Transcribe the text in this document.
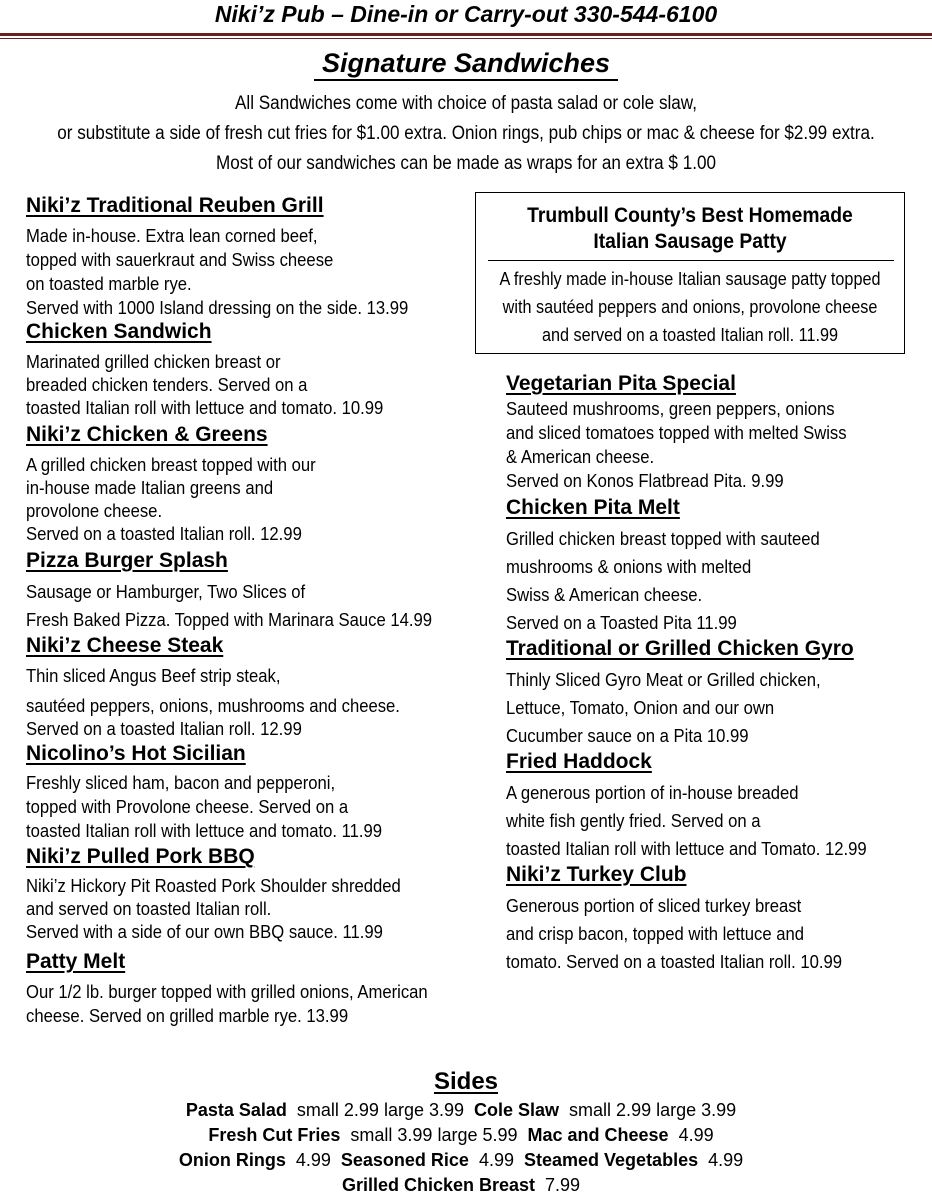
Niki’z Pub – Dine-in or Carry-out 330-544-6100
Signature Sandwiches
All Sandwiches come with choice of pasta salad or cole slaw,
or substitute a side of fresh cut fries for $1.00 extra. Onion rings, pub chips or mac & cheese for $2.99 extra.
Most of our sandwiches can be made as wraps for an extra $ 1.00
Niki’z Traditional Reuben Grill
Made in-house. Extra lean corned beef,
topped with sauerkraut and Swiss cheese
on toasted marble rye.
Served with 1000 Island dressing on the side. 13.99
Chicken Sandwich
Marinated grilled chicken breast or
breaded chicken tenders. Served on a
toasted Italian roll with lettuce and tomato. 10.99
Niki’z Chicken & Greens
A grilled chicken breast topped with our
in-house made Italian greens and
provolone cheese.
Served on a toasted Italian roll. 12.99
Pizza Burger Splash
Sausage or Hamburger, Two Slices of
Fresh Baked Pizza. Topped with Marinara Sauce 14.99
Niki’z Cheese Steak
Thin sliced Angus Beef strip steak,
sautéed peppers, onions, mushrooms and cheese.
Served on a toasted Italian roll. 12.99
Nicolino’s Hot Sicilian
Freshly sliced ham, bacon and pepperoni,
topped with Provolone cheese. Served on a
toasted Italian roll with lettuce and tomato. 11.99
Niki’z Pulled Pork BBQ
Niki’z Hickory Pit Roasted Pork Shoulder shredded
and served on toasted Italian roll.
Served with a side of our own BBQ sauce. 11.99
Patty Melt
Our 1/2 lb. burger topped with grilled onions, American
cheese. Served on grilled marble rye. 13.99
Trumbull County’s Best Homemade
Italian Sausage Patty
A freshly made in-house Italian sausage patty topped
with sautéed peppers and onions, provolone cheese
and served on a toasted Italian roll. 11.99
Vegetarian Pita Special
Sauteed mushrooms, green peppers, onions
and sliced tomatoes topped with melted Swiss
& American cheese.
Served on Konos Flatbread Pita. 9.99
Chicken Pita Melt
Grilled chicken breast topped with sauteed
mushrooms & onions with melted
Swiss & American cheese.
Served on a Toasted Pita 11.99
Traditional or Grilled Chicken Gyro
Thinly Sliced Gyro Meat or Grilled chicken,
Lettuce, Tomato, Onion and our own
Cucumber sauce on a Pita 10.99
Fried Haddock
A generous portion of in-house breaded
white fish gently fried. Served on a
toasted Italian roll with lettuce and Tomato. 12.99
Niki’z Turkey Club
Generous portion of sliced turkey breast
and crisp bacon, topped with lettuce and
tomato. Served on a toasted Italian roll. 10.99
Sides
Pasta Salad small 2.99 large 3.99 Cole Slaw small 2.99 large 3.99
Fresh Cut Fries small 3.99 large 5.99 Mac and Cheese 4.99
Onion Rings 4.99 Seasoned Rice 4.99 Steamed Vegetables 4.99
Grilled Chicken Breast 7.99
